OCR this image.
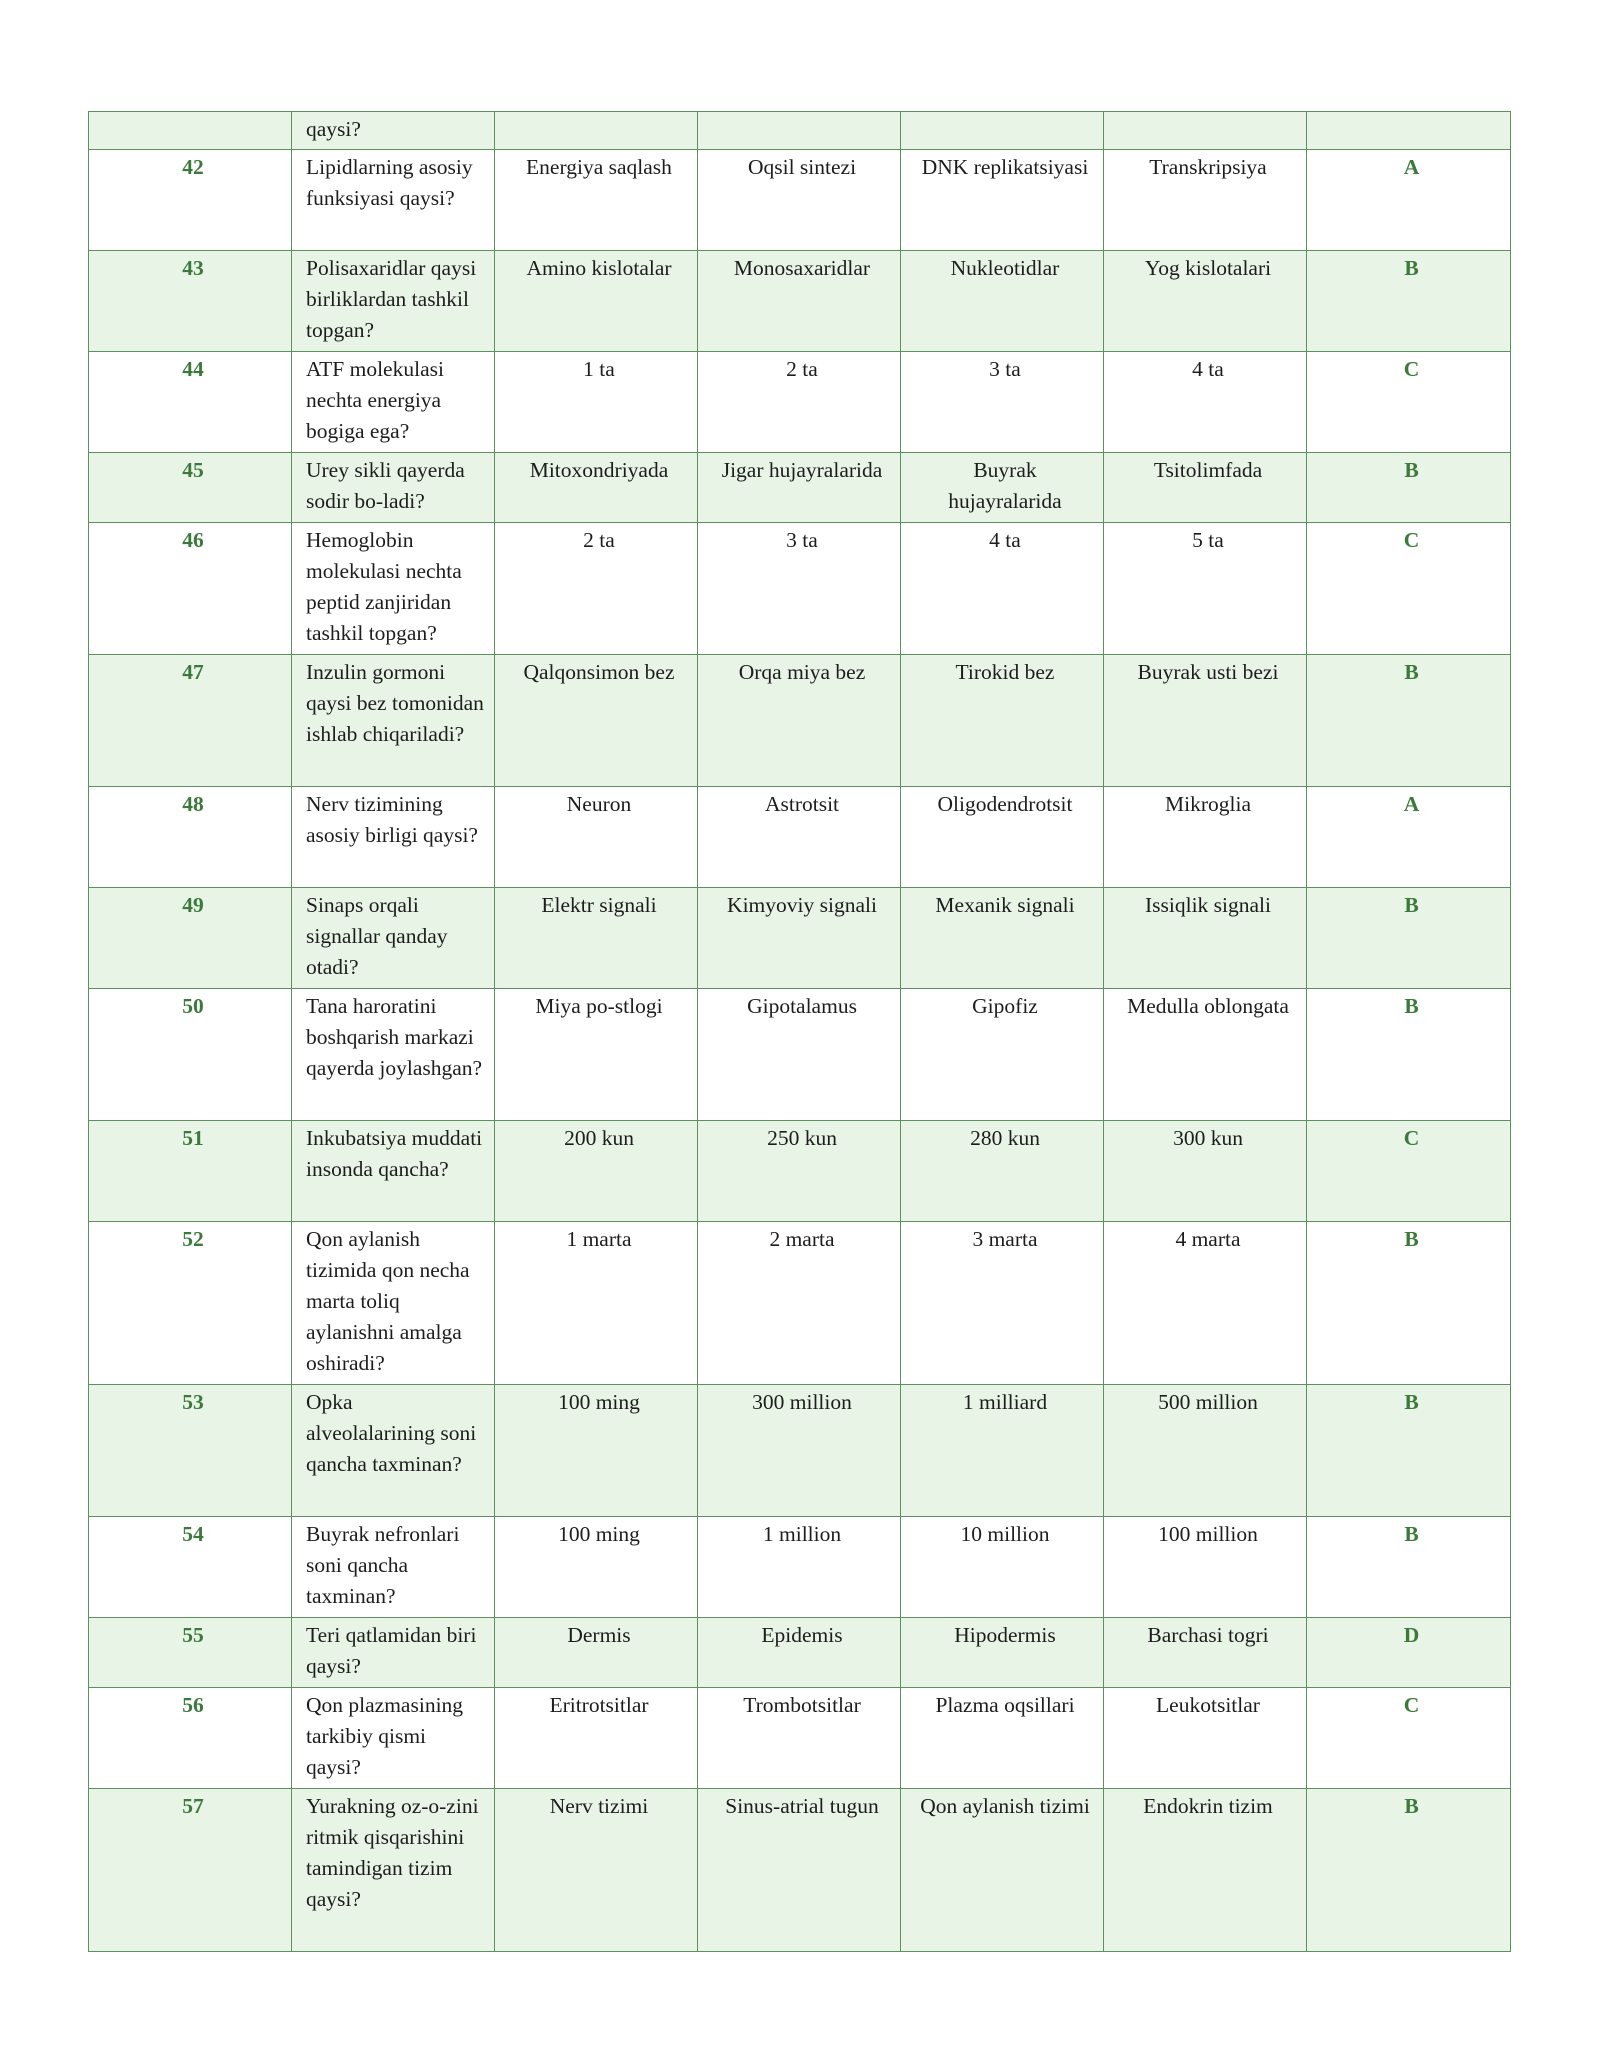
	qaysi?					
42	Lipidlarning asosiy funksiyasi qaysi?	Energiya saqlash	Oqsil sintezi	DNK replikatsiyasi	Transkripsiya	A
43	Polisaxaridlar qaysi birliklardan tashkil topgan?	Amino kislotalar	Monosaxaridlar	Nukleotidlar	Yog kislotalari	B
44	ATF molekulasi nechta energiya bogiga ega?	1 ta	2 ta	3 ta	4 ta	C
45	Urey sikli qayerda sodir bo-ladi?	Mitoxondriyada	Jigar hujayralarida	Buyrak hujayralarida	Tsitolimfada	B
46	Hemoglobin molekulasi nechta peptid zanjiridan tashkil topgan?	2 ta	3 ta	4 ta	5 ta	C
47	Inzulin gormoni qaysi bez tomonidan ishlab chiqariladi?	Qalqonsimon bez	Orqa miya bez	Tirokid bez	Buyrak usti bezi	B
48	Nerv tizimining asosiy birligi qaysi?	Neuron	Astrotsit	Oligodendrotsit	Mikroglia	A
49	Sinaps orqali signallar qanday otadi?	Elektr signali	Kimyoviy signali	Mexanik signali	Issiqlik signali	B
50	Tana haroratini boshqarish markazi qayerda joylashgan?	Miya po-stlogi	Gipotalamus	Gipofiz	Medulla oblongata	B
51	Inkubatsiya muddati insonda qancha?	200 kun	250 kun	280 kun	300 kun	C
52	Qon aylanish tizimida qon necha marta toliq aylanishni amalga oshiradi?	1 marta	2 marta	3 marta	4 marta	B
53	Opka alveolalarining soni qancha taxminan?	100 ming	300 million	1 milliard	500 million	B
54	Buyrak nefronlari soni qancha taxminan?	100 ming	1 million	10 million	100 million	B
55	Teri qatlamidan biri qaysi?	Dermis	Epidemis	Hipodermis	Barchasi togri	D
56	Qon plazmasining tarkibiy qismi qaysi?	Eritrotsitlar	Trombotsitlar	Plazma oqsillari	Leukotsitlar	C
57	Yurakning oz-o-zini ritmik qisqarishini tamindigan tizim qaysi?	Nerv tizimi	Sinus-atrial tugun	Qon aylanish tizimi	Endokrin tizim	B
